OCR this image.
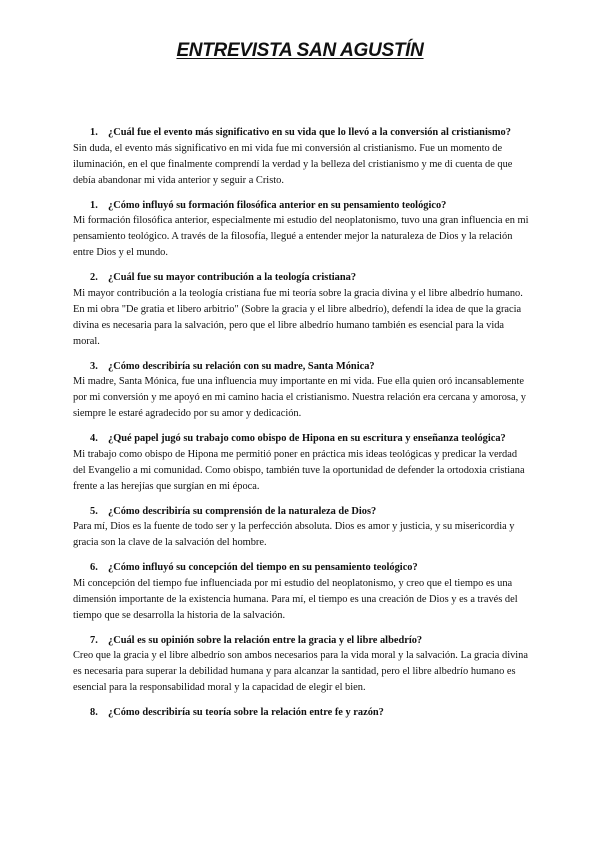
ENTREVISTA SAN AGUSTÍN
1. ¿Cuál fue el evento más significativo en su vida que lo llevó a la conversión al cristianismo?
Sin duda, el evento más significativo en mi vida fue mi conversión al cristianismo. Fue un momento de iluminación, en el que finalmente comprendí la verdad y la belleza del cristianismo y me di cuenta de que debía abandonar mi vida anterior y seguir a Cristo.
1. ¿Cómo influyó su formación filosófica anterior en su pensamiento teológico?
Mi formación filosófica anterior, especialmente mi estudio del neoplatonismo, tuvo una gran influencia en mi pensamiento teológico. A través de la filosofía, llegué a entender mejor la naturaleza de Dios y la relación entre Dios y el mundo.
2. ¿Cuál fue su mayor contribución a la teología cristiana?
Mi mayor contribución a la teología cristiana fue mi teoría sobre la gracia divina y el libre albedrío humano. En mi obra "De gratia et libero arbitrio" (Sobre la gracia y el libre albedrío), defendí la idea de que la gracia divina es necesaria para la salvación, pero que el libre albedrío humano también es esencial para la vida moral.
3. ¿Cómo describiría su relación con su madre, Santa Mónica?
Mi madre, Santa Mónica, fue una influencia muy importante en mi vida. Fue ella quien oró incansablemente por mi conversión y me apoyó en mi camino hacia el cristianismo. Nuestra relación era cercana y amorosa, y siempre le estaré agradecido por su amor y dedicación.
4. ¿Qué papel jugó su trabajo como obispo de Hipona en su escritura y enseñanza teológica?
Mi trabajo como obispo de Hipona me permitió poner en práctica mis ideas teológicas y predicar la verdad del Evangelio a mi comunidad. Como obispo, también tuve la oportunidad de defender la ortodoxia cristiana frente a las herejías que surgían en mi época.
5. ¿Cómo describiría su comprensión de la naturaleza de Dios?
Para mí, Dios es la fuente de todo ser y la perfección absoluta. Dios es amor y justicia, y su misericordia y gracia son la clave de la salvación del hombre.
6. ¿Cómo influyó su concepción del tiempo en su pensamiento teológico?
Mi concepción del tiempo fue influenciada por mi estudio del neoplatonismo, y creo que el tiempo es una dimensión importante de la existencia humana. Para mí, el tiempo es una creación de Dios y es a través del tiempo que se desarrolla la historia de la salvación.
7. ¿Cuál es su opinión sobre la relación entre la gracia y el libre albedrío?
Creo que la gracia y el libre albedrío son ambos necesarios para la vida moral y la salvación. La gracia divina es necesaria para superar la debilidad humana y para alcanzar la santidad, pero el libre albedrío humano es esencial para la responsabilidad moral y la capacidad de elegir el bien.
8. ¿Cómo describiría su teoría sobre la relación entre fe y razón?
